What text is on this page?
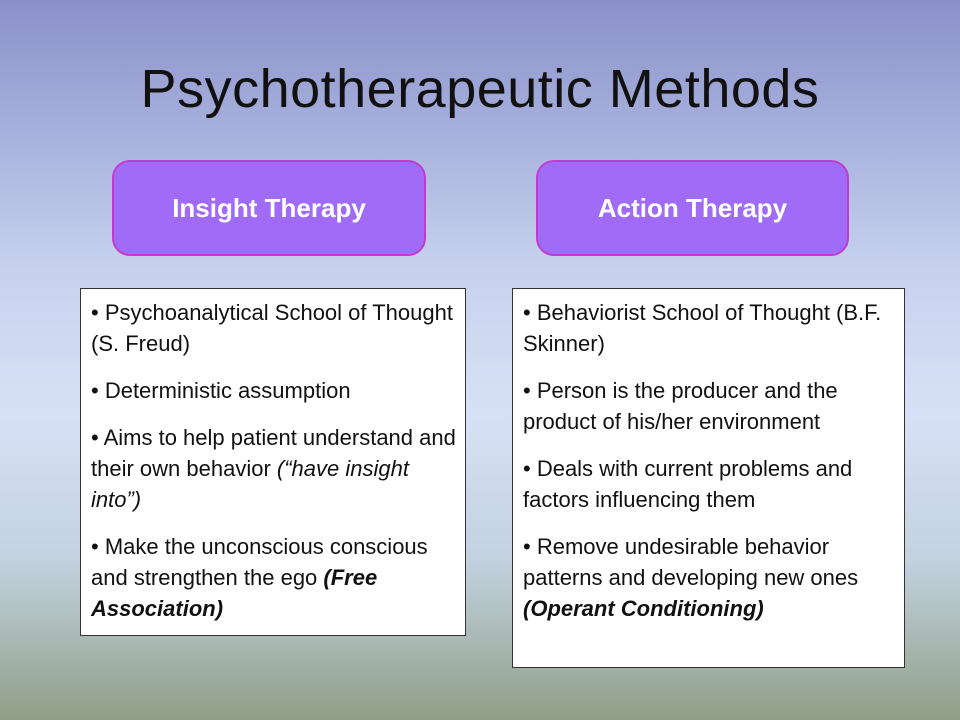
Psychotherapeutic Methods
Insight Therapy	Action Therapy
• Psychoanalytical School of Thought (S. Freud)
• Deterministic assumption
• Aims to help patient understand and their own behavior (“have insight into”)
• Make the unconscious conscious and strengthen the ego (Free Association)
• Behaviorist School of Thought (B.F. Skinner)
• Person is the producer and the product of his/her environment
• Deals with current problems and factors influencing them
• Remove undesirable behavior patterns and developing new ones (Operant Conditioning)
